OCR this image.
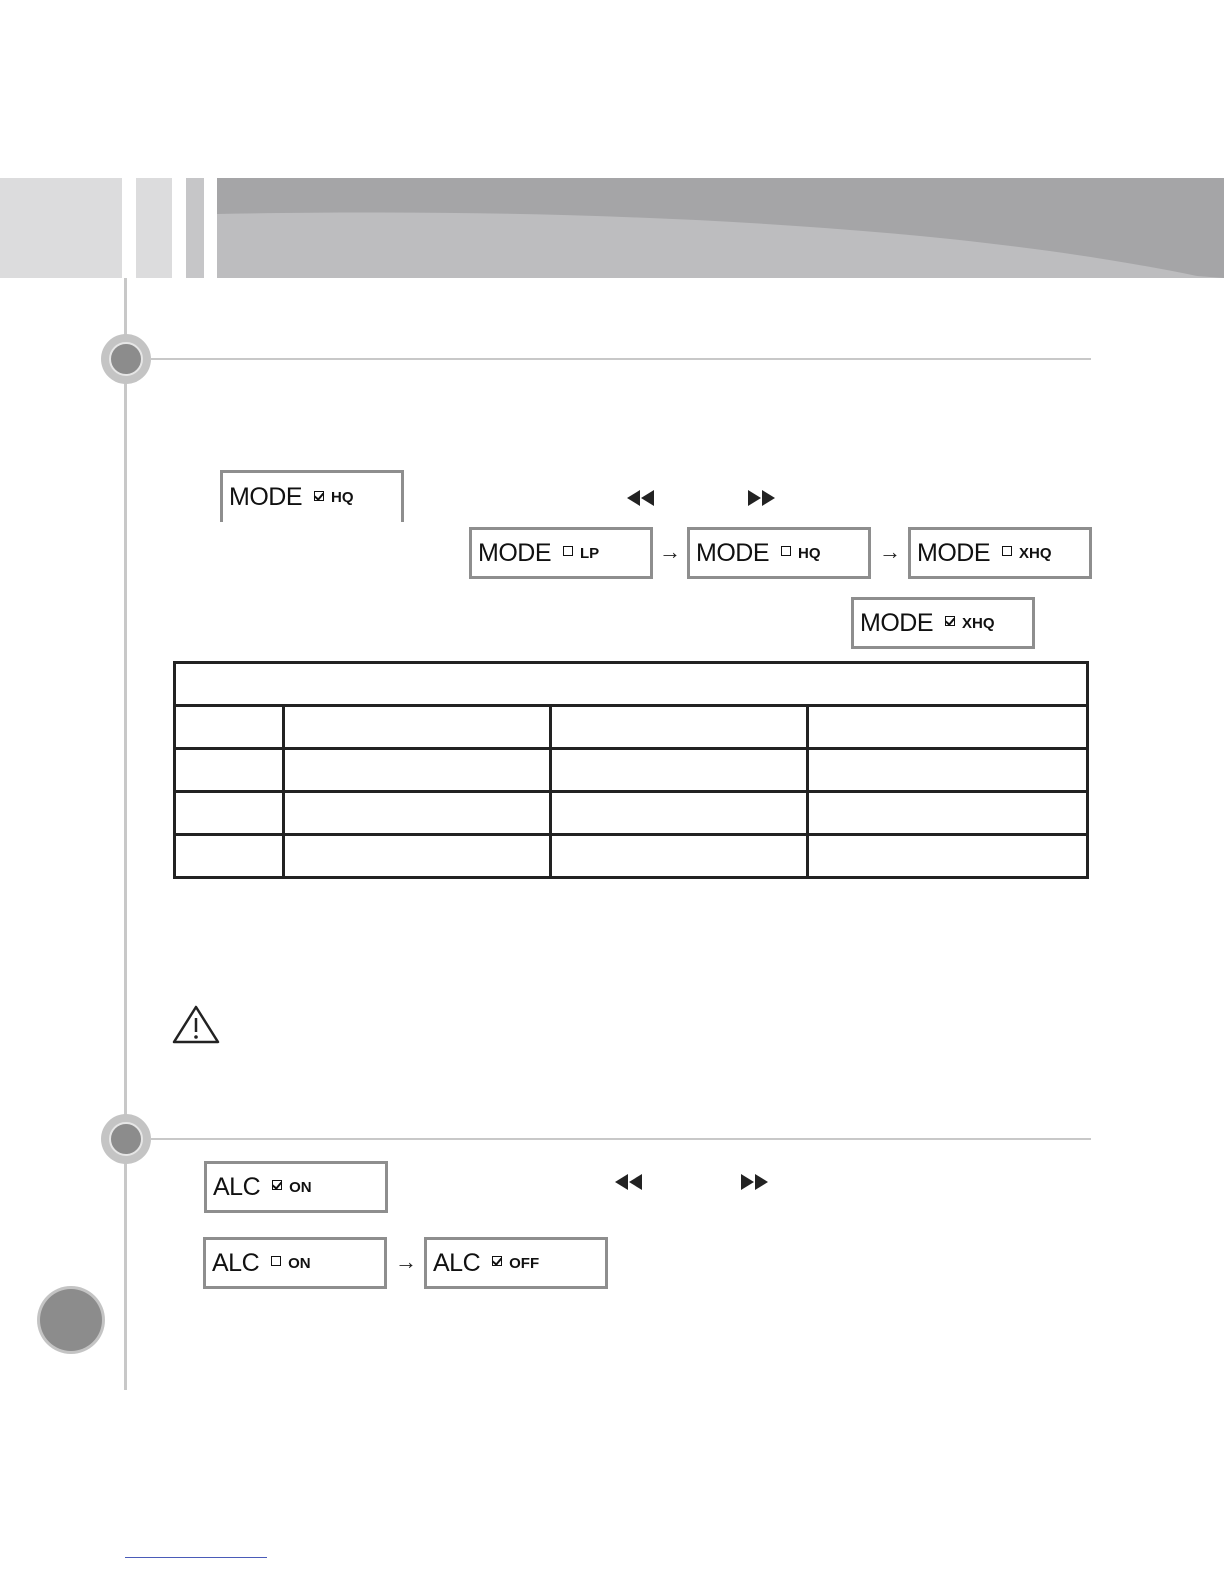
MODE HQ
MODE LP	→ MODE HQ	→ MODE XHQ
MODE XHQ

ALC ON
ALC ON	→ ALC OFF
